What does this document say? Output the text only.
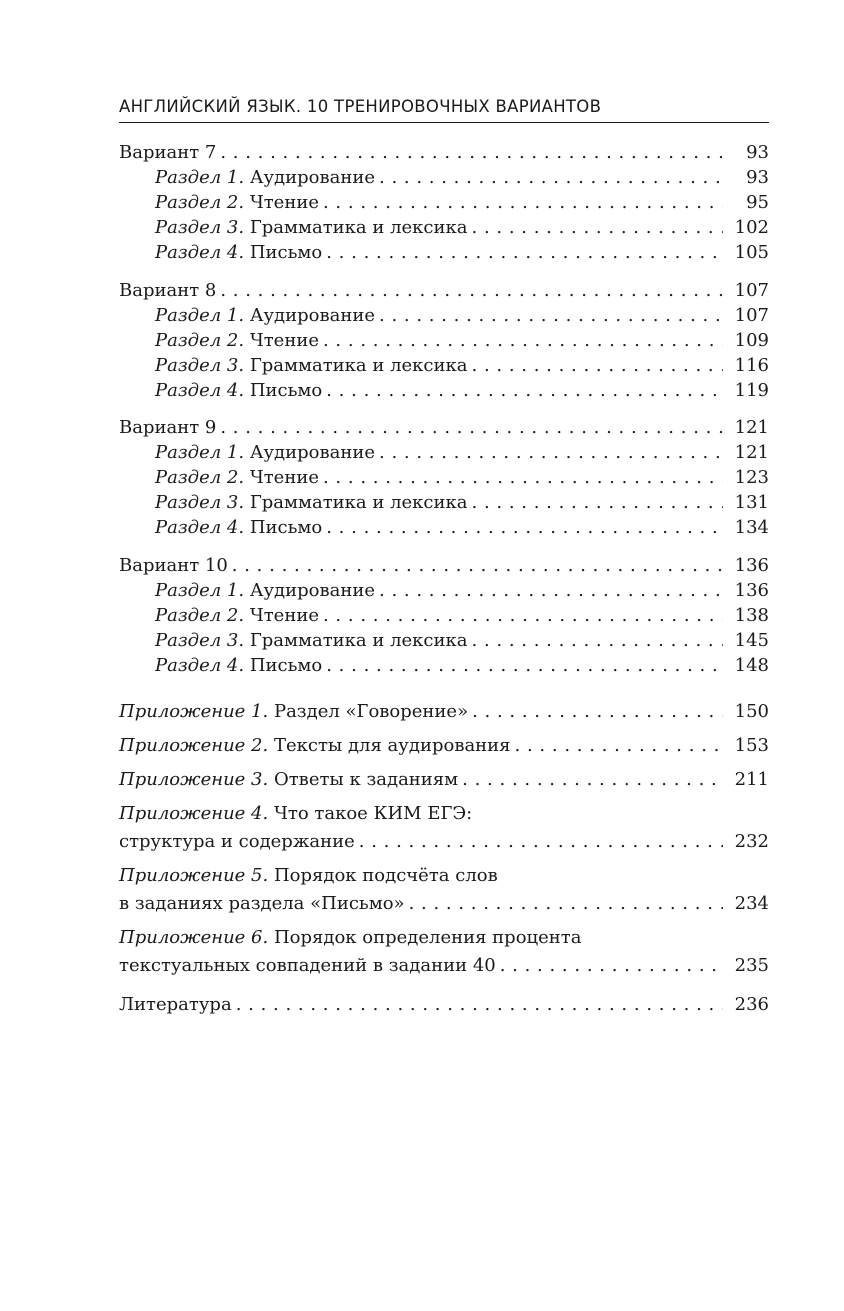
АНГЛИЙСКИЙ ЯЗЫК. 10 ТРЕНИРОВОЧНЫХ ВАРИАНТОВ
Вариант 7 . . .	93
Раздел 1. Аудирование . . .	93
Раздел 2. Чтение . . .	95
Раздел 3. Грамматика и лексика . . .	102
Раздел 4. Письмо . . .	105
Вариант 8 . . .	107
Раздел 1. Аудирование . . .	107
Раздел 2. Чтение . . .	109
Раздел 3. Грамматика и лексика . . .	116
Раздел 4. Письмо . . .	119
Вариант 9 . . .	121
Раздел 1. Аудирование . . .	121
Раздел 2. Чтение . . .	123
Раздел 3. Грамматика и лексика . . .	131
Раздел 4. Письмо . . .	134
Вариант 10 . . .	136
Раздел 1. Аудирование . . .	136
Раздел 2. Чтение . . .	138
Раздел 3. Грамматика и лексика . . .	145
Раздел 4. Письмо . . .	148
Приложение 1. Раздел «Говорение» . . .	150
Приложение 2. Тексты для аудирования . . .	153
Приложение 3. Ответы к заданиям . . .	211
Приложение 4. Что такое КИМ ЕГЭ:
структура и содержание . . .	232
Приложение 5. Порядок подсчёта слов
в заданиях раздела «Письмо» . . .	234
Приложение 6. Порядок определения процента
текстуальных совпадений в задании 40 . . .	235
Литература . . .	236
